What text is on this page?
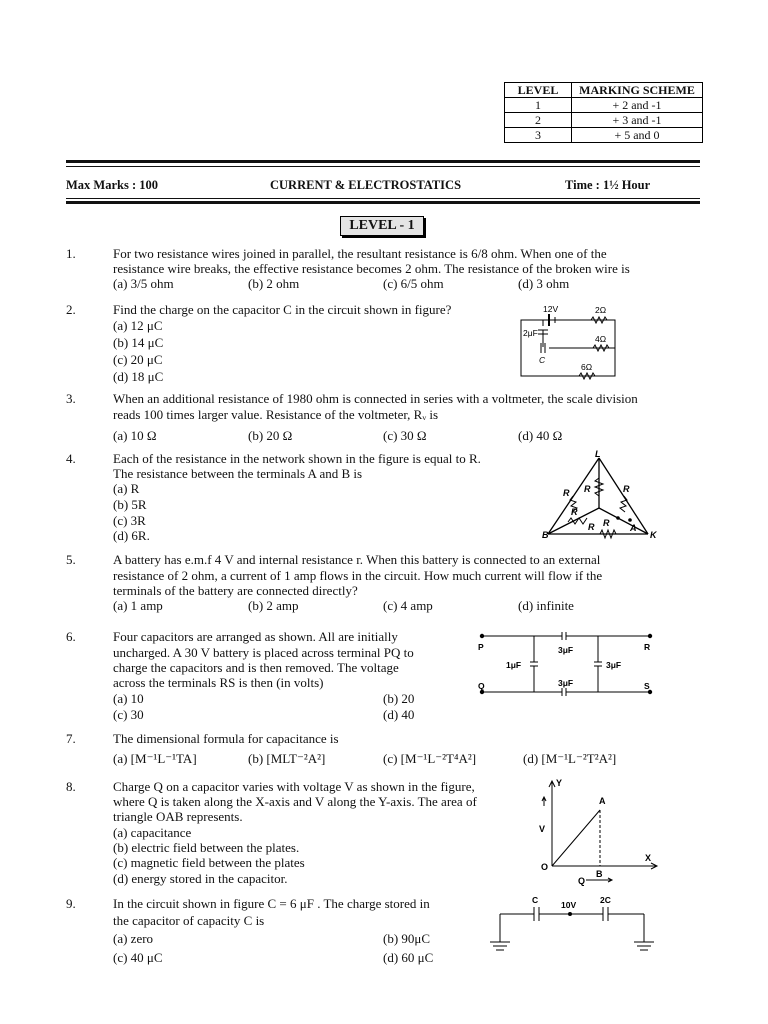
LEVEL	MARKING SCHEME
1	+ 2 and -1
2	+ 3 and -1
3	+ 5 and 0
Max Marks : 100	CURRENT & ELECTROSTATICS	Time : 1½ Hour
LEVEL - 1
1.	For two resistance wires joined in parallel, the resultant resistance is 6/8 ohm. When one of the
resistance wire breaks, the effective resistance becomes 2 ohm. The resistance of the broken wire is
(a) 3/5 ohm	(b) 2 ohm	(c) 6/5 ohm	(d) 3 ohm
2.	Find the charge on the capacitor C in the circuit shown in figure?
(a) 12 μC
(b) 14 μC
(c) 20 μC
(d) 18 μC
12V	2Ω
2μF
4Ω
C
6Ω
3.	When an additional resistance of 1980 ohm is connected in series with a voltmeter, the scale division
reads 100 times larger value. Resistance of the voltmeter, Rᵥ is
(a) 10 Ω	(b) 20 Ω	(c) 30 Ω	(d) 40 Ω
4.	Each of the resistance in the network shown in the figure is equal to R.
The resistance between the terminals A and B is
(a) R
(b) 5R
(c) 3R
(d) 6R.
L
R R	R
R
R R A
B	K
5.	A battery has e.m.f 4 V and internal resistance r. When this battery is connected to an external
resistance of 2 ohm, a current of 1 amp flows in the circuit. How much current will flow if the
terminals of the battery are connected directly?
(a) 1 amp	(b) 2 amp	(c) 4 amp	(d) infinite
6.	Four capacitors are arranged as shown. All are initially
uncharged. A 30 V battery is placed across terminal PQ to
charge the capacitors and is then removed. The voltage
across the terminals RS is then (in volts)
(a) 10	(b) 20
(c) 30	(d) 40
P	3μF	R
1μF	3μF
Q	3μF	S
7.	The dimensional formula for capacitance is
(a) [M⁻¹L⁻¹TA]	(b) [MLT⁻²A²]	(c) [M⁻¹L⁻²T⁴A²]	(d) [M⁻¹L⁻²T²A²]
8.	Charge Q on a capacitor varies with voltage V as shown in the figure,
where Q is taken along the X-axis and V along the Y-axis. The area of
triangle OAB represents.
(a) capacitance
(b) electric field between the plates.
(c) magnetic field between the plates
(d) energy stored in the capacitor.
Y
A
V
X
O
Q
B
9.	In the circuit shown in figure C = 6 μF . The charge stored in
the capacitor of capacity C is
(a) zero	(b) 90μC
(c) 40 μC	(d) 60 μC
C	10V	2C
